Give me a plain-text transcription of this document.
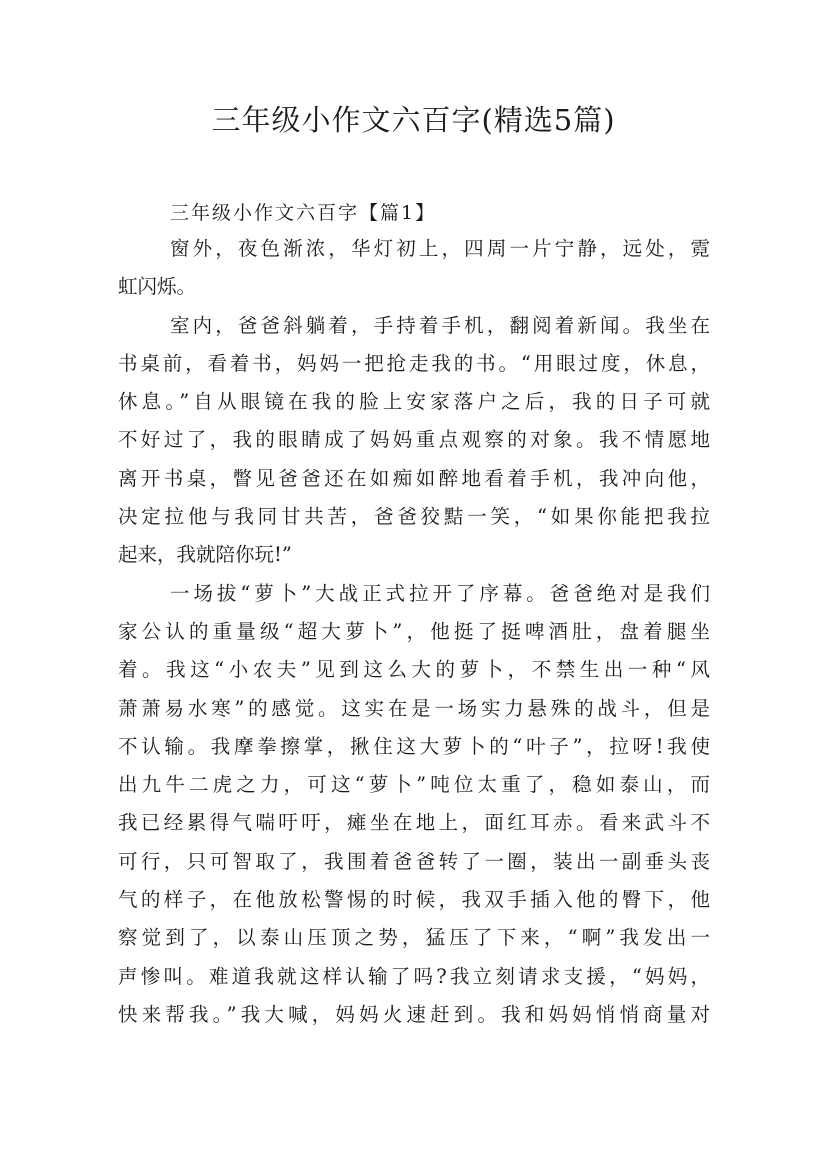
三年级小作文六百字(精选5篇)
三年级小作文六百字【篇1】

窗外，夜色渐浓，华灯初上，四周一片宁静，远处，霓
虹闪烁。

室内，爸爸斜躺着，手持着手机，翻阅着新闻。我坐在
书桌前，看着书，妈妈一把抢走我的书。“用眼过度，休息，
休息。”自从眼镜在我的脸上安家落户之后，我的日子可就
不好过了，我的眼睛成了妈妈重点观察的对象。我不情愿地
离开书桌，瞥见爸爸还在如痴如醉地看着手机，我冲向他，
决定拉他与我同甘共苦，爸爸狡黠一笑，“如果你能把我拉
起来，我就陪你玩!”

一场拔“萝卜”大战正式拉开了序幕。爸爸绝对是我们
家公认的重量级“超大萝卜”，他挺了挺啤酒肚，盘着腿坐
着。我这“小农夫”见到这么大的萝卜，不禁生出一种“风
萧萧易水寒”的感觉。这实在是一场实力悬殊的战斗，但是
不认输。我摩拳擦掌，揪住这大萝卜的“叶子”，拉呀!我使
出九牛二虎之力，可这“萝卜”吨位太重了，稳如泰山，而
我已经累得气喘吁吁，瘫坐在地上，面红耳赤。看来武斗不
可行，只可智取了，我围着爸爸转了一圈，装出一副垂头丧
气的样子，在他放松警惕的时候，我双手插入他的臀下，他
察觉到了，以泰山压顶之势，猛压了下来，“啊”我发出一
声惨叫。难道我就这样认输了吗?我立刻请求支援，“妈妈，
快来帮我。”我大喊，妈妈火速赶到。我和妈妈悄悄商量对
